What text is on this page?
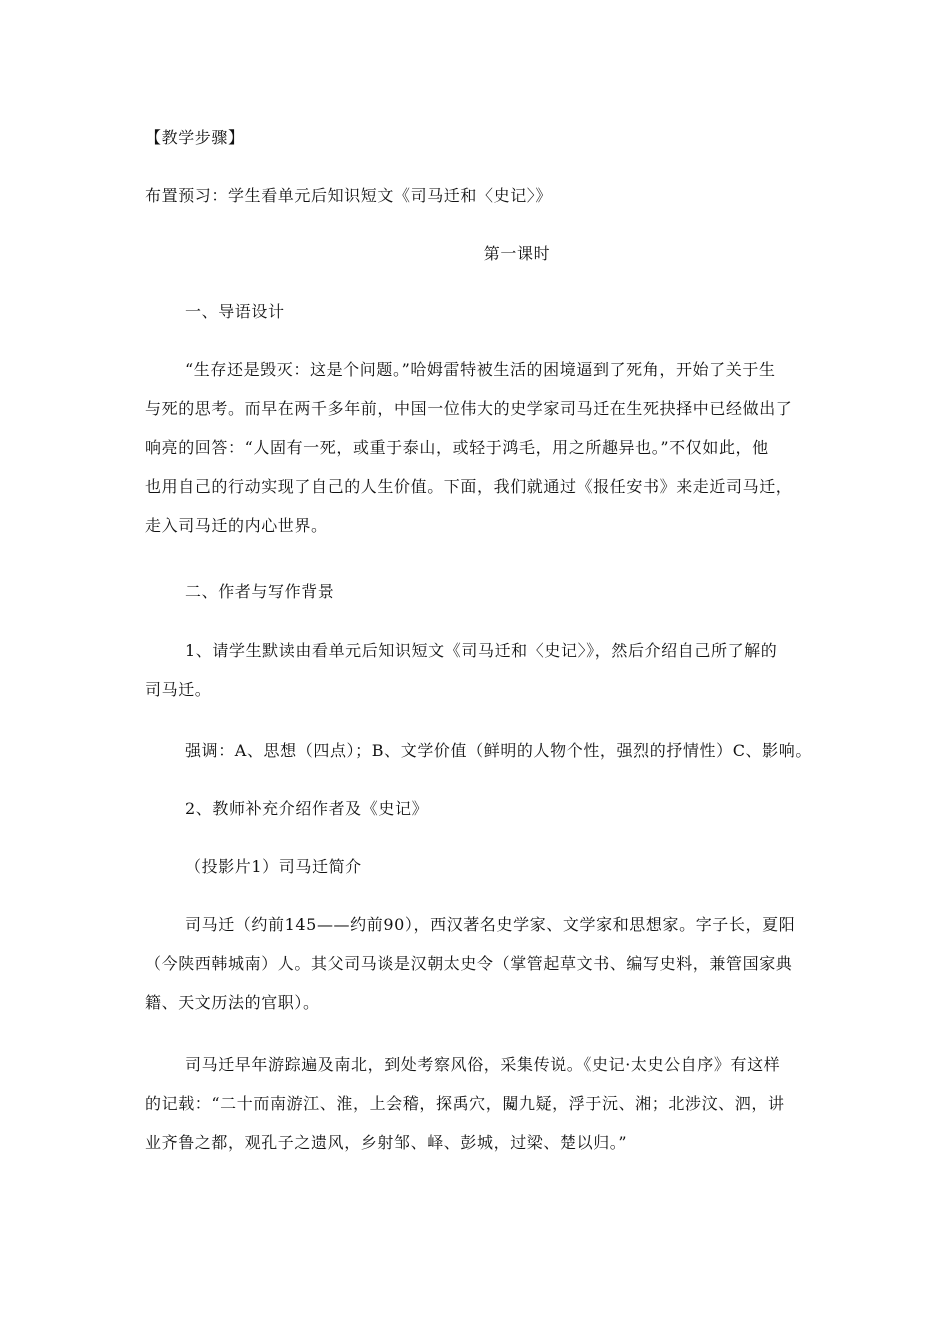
【教学步骤】
布置预习：学生看单元后知识短文《司马迁和〈史记〉》
第一课时
一、导语设计
“生存还是毁灭：这是个问题。”哈姆雷特被生活的困境逼到了死角，开始了关于生
与死的思考。而早在两千多年前，中国一位伟大的史学家司马迁在生死抉择中已经做出了
响亮的回答：“人固有一死，或重于泰山，或轻于鸿毛，用之所趣异也。”不仅如此，他
也用自己的行动实现了自己的人生价值。下面，我们就通过《报任安书》来走近司马迁，
走入司马迁的内心世界。
二、作者与写作背景
1、请学生默读由看单元后知识短文《司马迁和〈史记〉》，然后介绍自己所了解的
司马迁。
强调：A、思想（四点）；B、文学价值（鲜明的人物个性，强烈的抒情性）C、影响。
2、教师补充介绍作者及《史记》
（投影片1）司马迁简介
司马迁（约前145——约前90），西汉著名史学家、文学家和思想家。字子长，夏阳
（今陕西韩城南）人。其父司马谈是汉朝太史令（掌管起草文书、编写史料，兼管国家典
籍、天文历法的官职）。
司马迁早年游踪遍及南北，到处考察风俗，采集传说。《史记·太史公自序》有这样
的记载：“二十而南游江、淮，上会稽，探禹穴，闚九疑，浮于沅、湘；北涉汶、泗，讲
业齐鲁之都，观孔子之遗风，乡射邹、峄、彭城，过梁、楚以归。”
